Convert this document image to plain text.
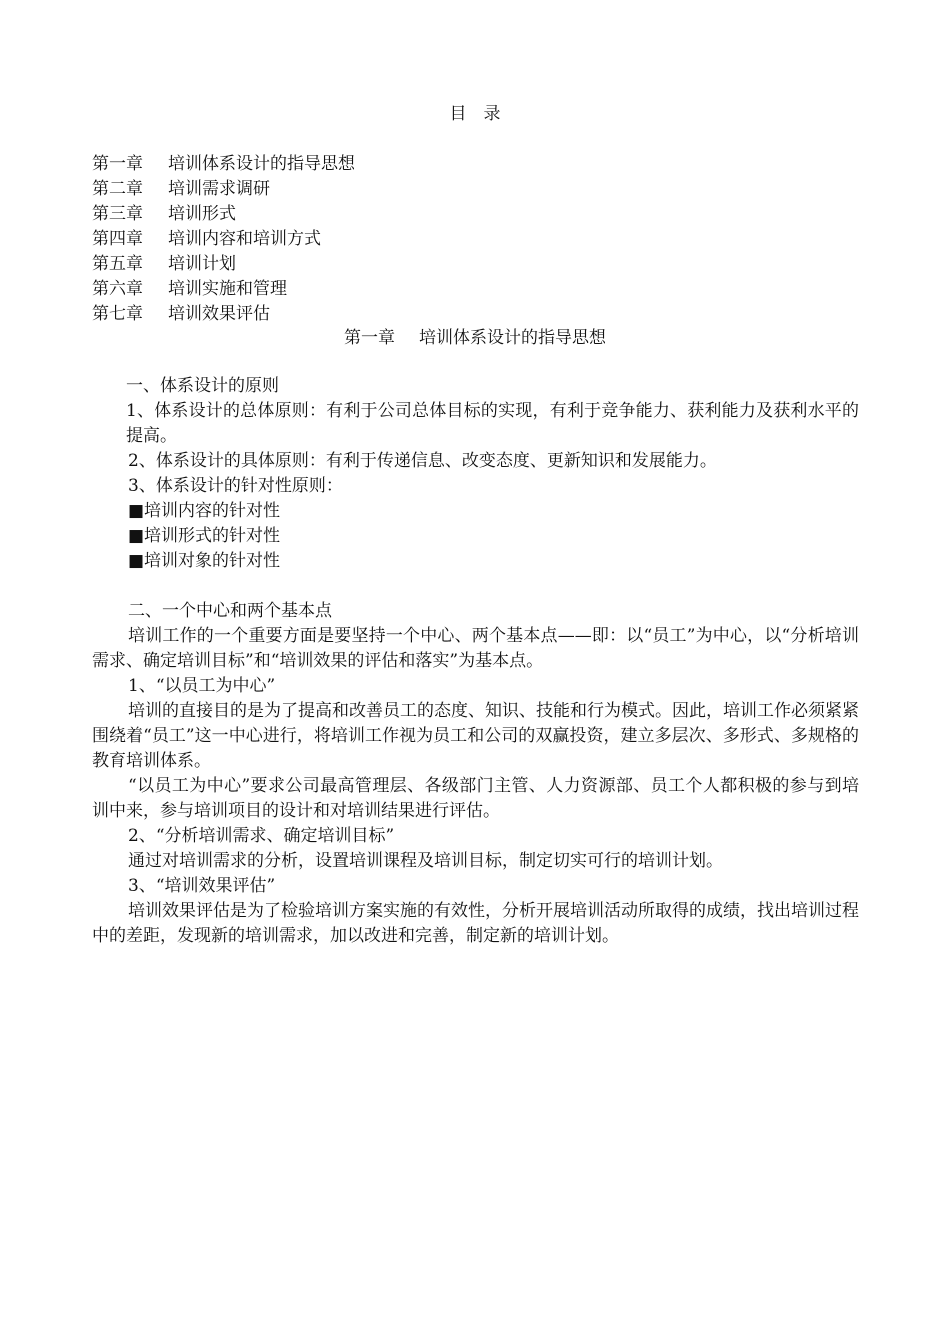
目　录
第一章 培训体系设计的指导思想
第二章 培训需求调研
第三章 培训形式
第四章 培训内容和培训方式
第五章 培训计划
第六章 培训实施和管理
第七章 培训效果评估
第一章 培训体系设计的指导思想
一、体系设计的原则
1、体系设计的总体原则：有利于公司总体目标的实现，有利于竞争能力、获利能力及获利水平的提高。
2、体系设计的具体原则：有利于传递信息、改变态度、更新知识和发展能力。
3、体系设计的针对性原则：
■培训内容的针对性
■培训形式的针对性
■培训对象的针对性
二、一个中心和两个基本点
培训工作的一个重要方面是要坚持一个中心、两个基本点——即：以“员工”为中心，以“分析培训需求、确定培训目标”和“培训效果的评估和落实”为基本点。
1、“以员工为中心”
培训的直接目的是为了提高和改善员工的态度、知识、技能和行为模式。因此，培训工作必须紧紧围绕着“员工”这一中心进行，将培训工作视为员工和公司的双赢投资，建立多层次、多形式、多规格的教育培训体系。
“以员工为中心”要求公司最高管理层、各级部门主管、人力资源部、员工个人都积极的参与到培训中来，参与培训项目的设计和对培训结果进行评估。
2、“分析培训需求、确定培训目标”
通过对培训需求的分析，设置培训课程及培训目标，制定切实可行的培训计划。
3、“培训效果评估”
培训效果评估是为了检验培训方案实施的有效性，分析开展培训活动所取得的成绩，找出培训过程中的差距，发现新的培训需求，加以改进和完善，制定新的培训计划。
